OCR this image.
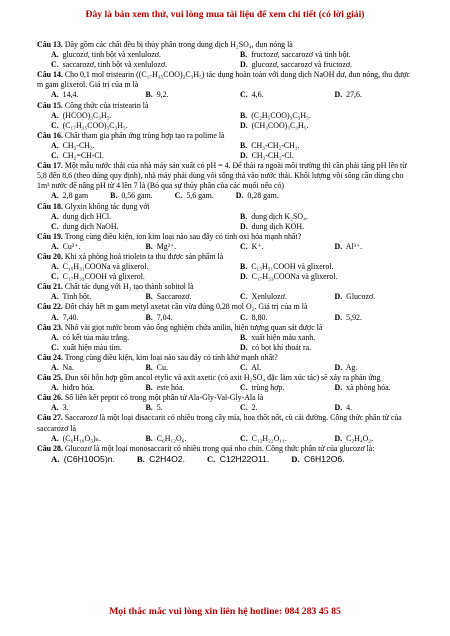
Đây là bản xem thử, vui lòng mua tài liệu để xem chi tiết (có lời giải)

Câu 13. Dãy gồm các chất đều bị thủy phân trong dung dịch H₂SO₄, đun nóng là

A. glucozơ, tinh bột và xenlulozơ.	B. fructozơ, saccarozơ và tinh bột.
C. saccarozơ, tinh bột và xenlulozơ.	D. glucozơ, saccarozơ và fructozơ.

Câu 14. Cho 0,1 mol tristearin ((C₁₇H₃₅COO)₃C₃H₅) tác dụng hoàn toàn với dung dịch NaOH dư, đun nóng, thu được m gam glixerol. Giá trị của m là

A. 14,4.	B. 9,2.	C. 4,6.	D. 27,6.

Câu 15. Công thức của tristearin là

A. (HCOO)₃C₃H₅.	B. (C₂H₅COO)₃C₃H₅.
C. (C₁₇H₃₅COO)₃C₃H₅.	D. (CH₃COO)₃C₃H₅.

Câu 16. Chất tham gia phản ứng trùng hợp tạo ra polime là

A. CH₃-CH₃.	B. CH₃-CH₂-CH₃.
C. CH₂=CH-Cl.	D. CH₃-CH₂-Cl.

Câu 17. Một mẫu nước thải của nhà máy sản xuất có pH = 4. Để thải ra ngoài môi trường thì cần phải tăng pH lên từ 5,8 đến 8,6 (theo đúng quy định), nhà máy phải dùng vôi sống thả vào nước thải. Khối lượng vôi sống cần dùng cho 1m³ nước để nâng pH từ 4 lên 7 là (Bỏ qua sự thủy phân của các muối nếu có)

A. 2,8 gam	B. 0,56 gam.	C. 5,6 gam.	D. 0,28 gam.

Câu 18. Glyxin không tác dụng với

A. dung dịch HCl.	B. dung dịch K₂SO₄.
C. dung dịch NaOH.	D. dung dịch KOH.

Câu 19. Trong cùng điều kiện, ion kim loại nào sau đây có tính oxi hóa mạnh nhất?

A. Cu²⁺.	B. Mg²⁺.	C. K⁺.	D. Al³⁺.

Câu 20. Khi xà phòng hoá triolein ta thu được sản phẩm là

A. C₁₅H₃₁COONa và glixerol.	B. C₁₅H₃₁COOH và glixerol.
C. C₁₇H₃₃COOH và glixerol.	D. C₁₇H₃₃COONa và glixerol.

Câu 21. Chất tác dụng với H₂ tạo thành sobitol là

A. Tinh bột.	B. Saccarozơ.	C. Xenlulozơ.	D. Glucozơ.

Câu 22. Đốt cháy hết m gam metyl axetat cần vừa đúng 0,28 mol O₂. Giá trị của m là

A. 7,40.	B. 7,04.	C. 8,80.	D. 5,92.

Câu 23. Nhỏ vài giọt nước brom vào ống nghiệm chứa anilin, hiện tượng quan sát được là

A. có kết tủa màu trắng.	B. xuất hiện màu xanh.
C. xuất hiện màu tím.	D. có bọt khí thoát ra.

Câu 24. Trong cùng điều kiện, kim loại nào sau đây có tính khử mạnh nhất?

A. Na.	B. Cu.	C. Al.	D. Ag.

Câu 25. Đun sôi hỗn hợp gồm ancol etylic và axit axetic (có axit H₂SO₄ đặc làm xúc tác) sẽ xảy ra phản ứng

A. hiđro hóa.	B. este hóa.	C. trùng hợp.	D. xà phòng hóa.

Câu 26. Số liên kết peptit có trong một phân tử Ala-Gly-Val-Gly-Ala là

A. 3.	B. 5.	C. 2.	D. 4.

Câu 27. Saccarozơ là một loại đisaccarit có nhiều trong cây mía, hoa thốt nốt, củ cải đường. Công thức phân tử của saccarozơ là

A. (C₆H₁₀O₅)ₙ.	B. C₆H₁₂O₆.	C. C₁₂H₂₂O₁₁.	D. C₂H₄O₂.

Câu 28. Glucozơ là một loại monosaccarit có nhiều trong quả nho chín. Công thức phân tử của glucozơ là:

A. (C6H10O5)n.	B. C2H4O2.	C. C12H22O11.	D. C6H12O6.
Mọi thắc mắc vui lòng xin liên hệ hotline: 084 283 45 85
